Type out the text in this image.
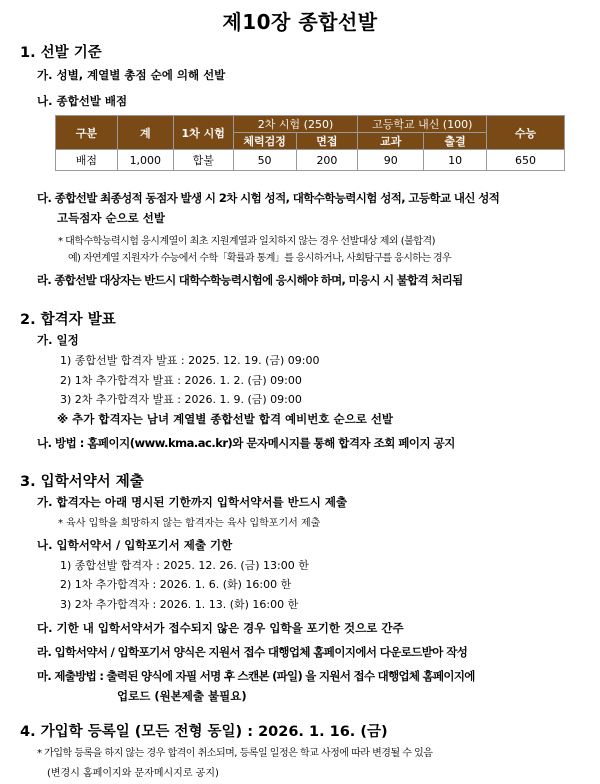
제10장 종합선발
1. 선발 기준
가. 성별, 계열별 총점 순에 의해 선발
나. 종합선발 배점
구분	계	1차 시험	2차 시험 (250)		고등학교 내신 (100)		수능
			체력검정	면접	교과	출결	
배점	1,000	합불	50	200	90	10	650
다. 종합선발 최종성적 동점자 발생 시 2차 시험 성적, 대학수학능력시험 성적, 고등학교 내신 성적
고득점자 순으로 선발
* 대학수학능력시험 응시계열이 최초 지원계열과 일치하지 않는 경우 선발대상 제외 (불합격)
예) 자연계열 지원자가 수능에서 수학「확률과 통계」를 응시하거나, 사회탐구를 응시하는 경우
라. 종합선발 대상자는 반드시 대학수학능력시험에 응시해야 하며, 미응시 시 불합격 처리됨
2. 합격자 발표
가. 일정
1) 종합선발 합격자 발표 : 2025. 12. 19. (금) 09:00
2) 1차 추가합격자 발표 : 2026. 1. 2. (금) 09:00
3) 2차 추가합격자 발표 : 2026. 1. 9. (금) 09:00
※ 추가 합격자는 남녀 계열별 종합선발 합격 예비번호 순으로 선발
나. 방법 : 홈페이지(www.kma.ac.kr)와 문자메시지를 통해 합격자 조회 페이지 공지
3. 입학서약서 제출
가. 합격자는 아래 명시된 기한까지 입학서약서를 반드시 제출
* 육사 입학을 희망하지 않는 합격자는 육사 입학포기서 제출
나. 입학서약서 / 입학포기서 제출 기한
1) 종합선발 합격자 : 2025. 12. 26. (금) 13:00 한
2) 1차 추가합격자 : 2026. 1. 6. (화) 16:00 한
3) 2차 추가합격자 : 2026. 1. 13. (화) 16:00 한
다. 기한 내 입학서약서가 접수되지 않은 경우 입학을 포기한 것으로 간주
라. 입학서약서 / 입학포기서 양식은 지원서 접수 대행업체 홈페이지에서 다운로드받아 작성
마. 제출방법 : 출력된 양식에 자필 서명 후 스캔본 (파일) 을 지원서 접수 대행업체 홈페이지에
업로드 (원본제출 불필요)
4. 가입학 등록일 (모든 전형 동일) : 2026. 1. 16. (금)
* 가입학 등록을 하지 않는 경우 합격이 취소되며, 등록일 일정은 학교 사정에 따라 변경될 수 있음
(변경시 홈페이지와 문자메시지로 공지)
